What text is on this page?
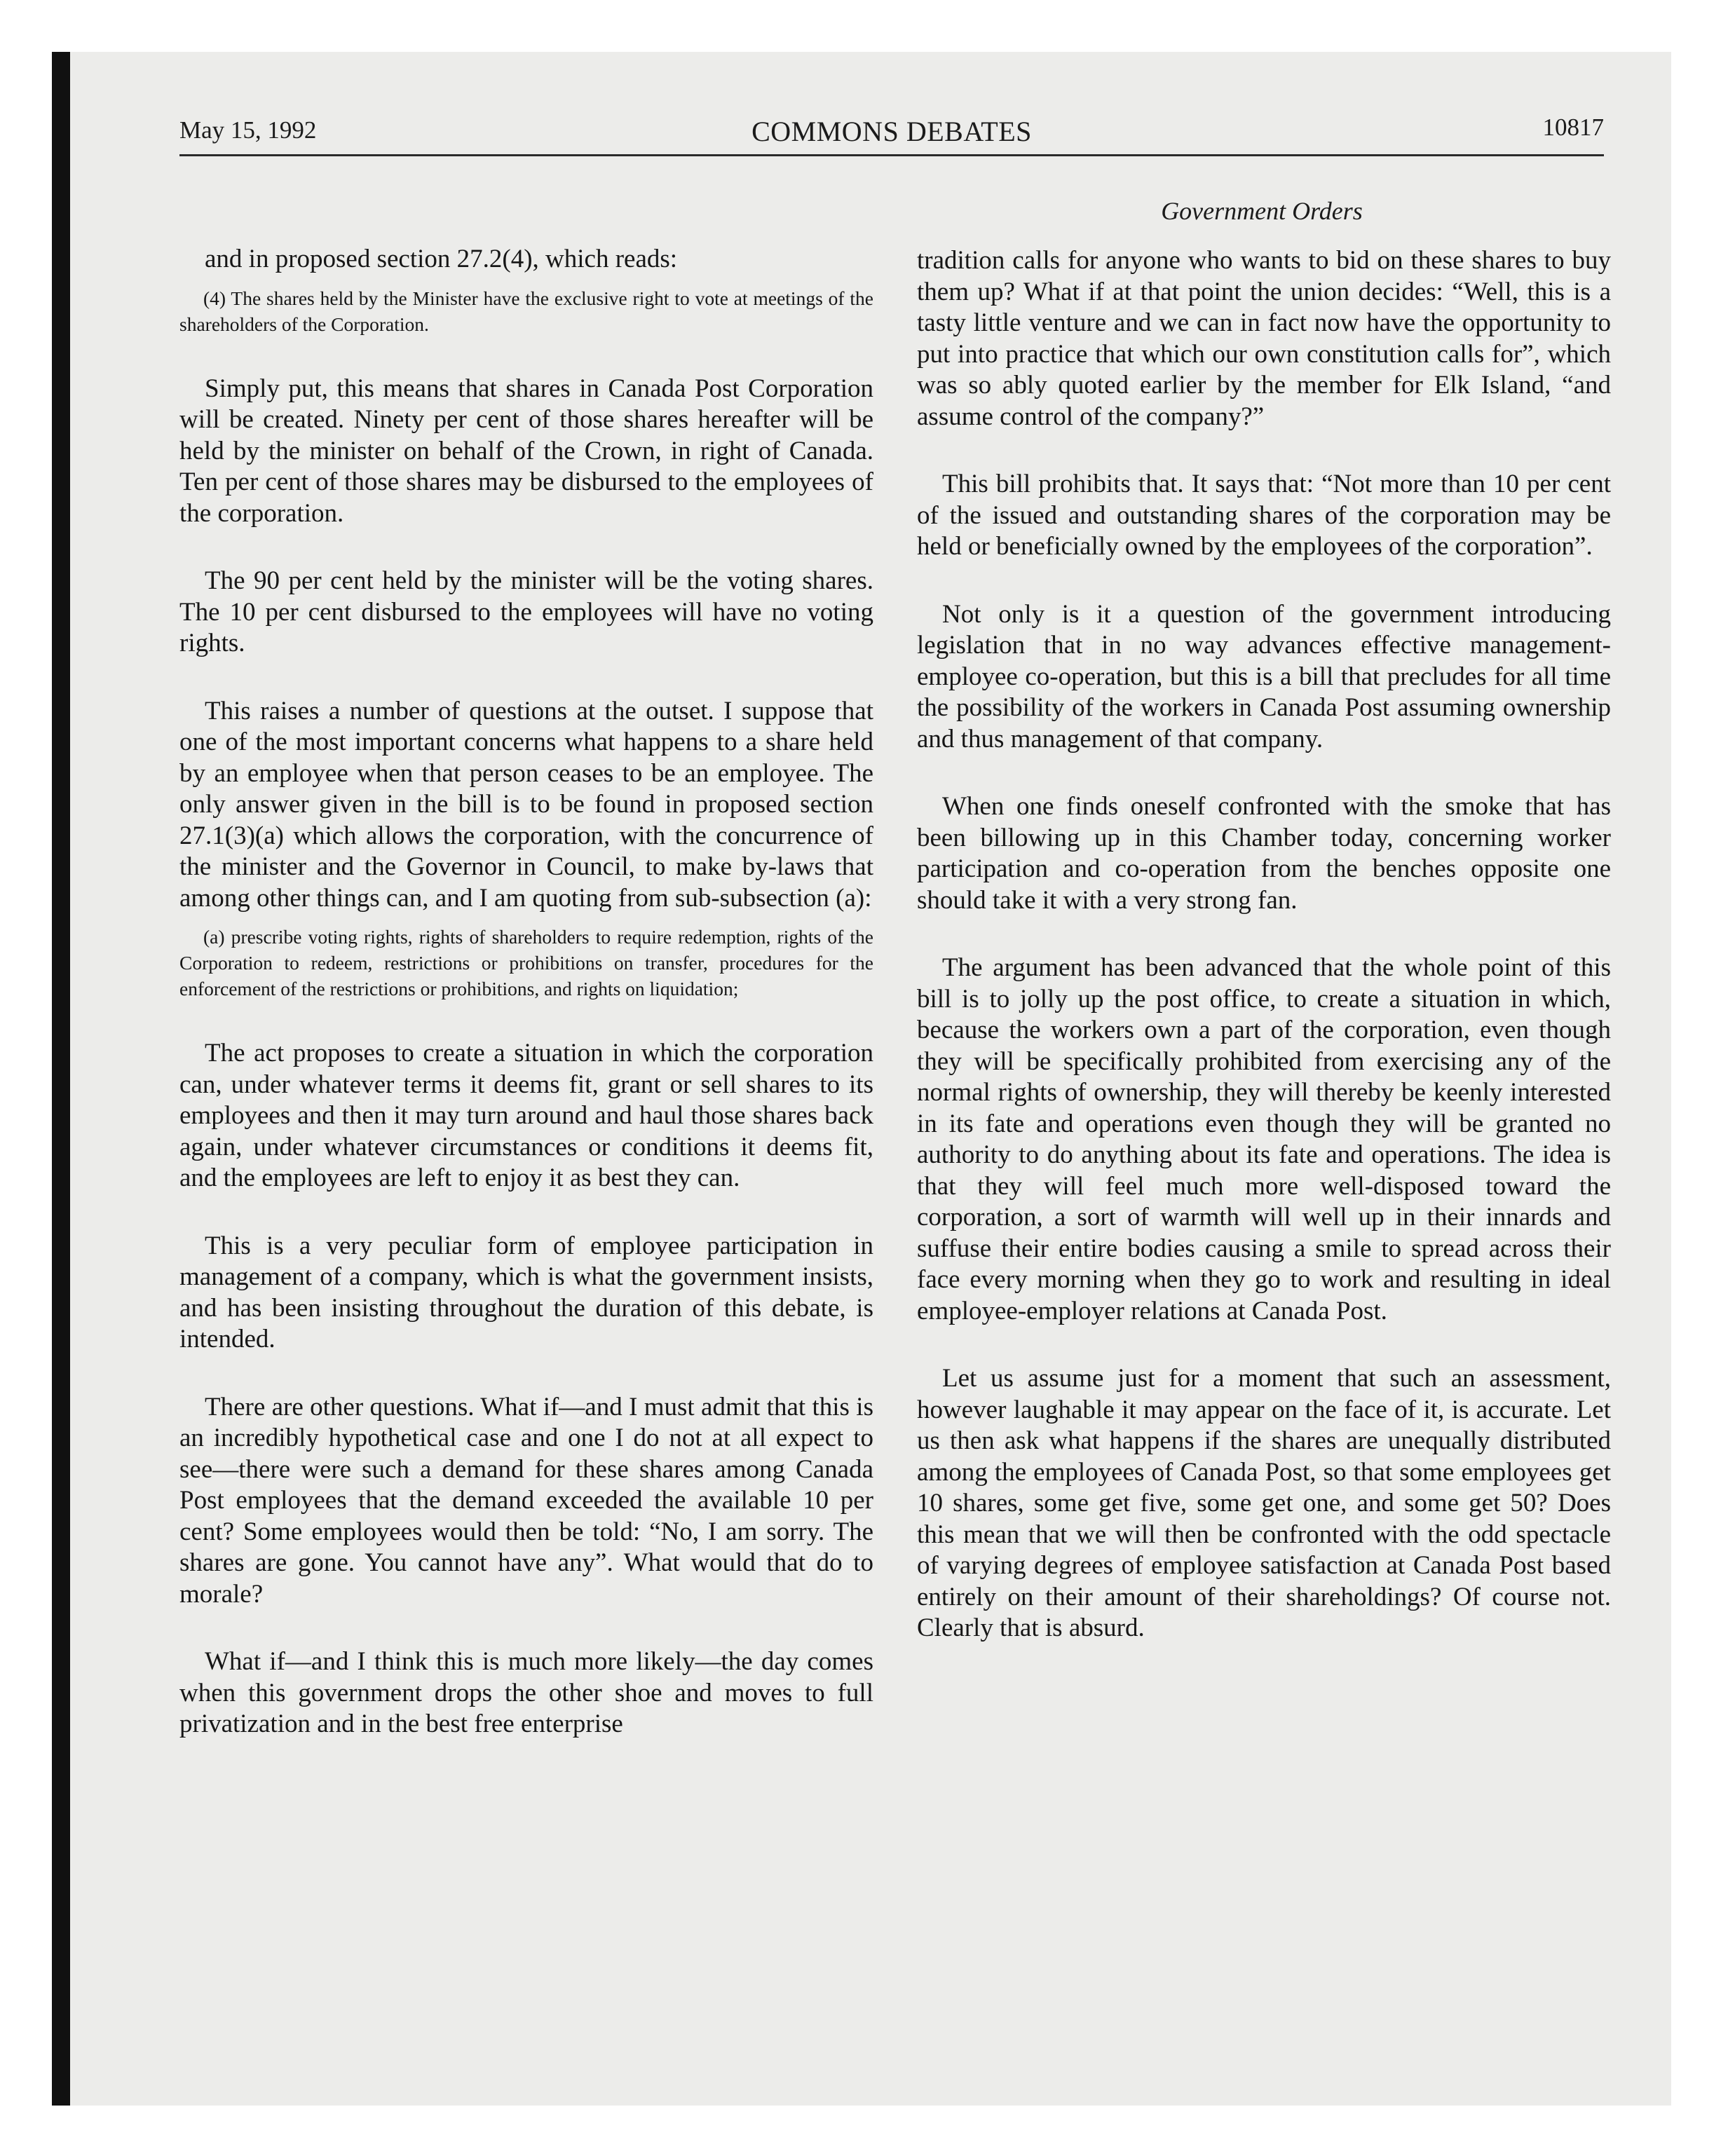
May 15, 1992	COMMONS DEBATES	10817
Government Orders

and in proposed section 27.2(4), which reads:

(4) The shares held by the Minister have the exclusive right to vote at meetings of the shareholders of the Corporation.

Simply put, this means that shares in Canada Post Corporation will be created. Ninety per cent of those shares hereafter will be held by the minister on behalf of the Crown, in right of Canada. Ten per cent of those shares may be disbursed to the employees of the corporation.

The 90 per cent held by the minister will be the voting shares. The 10 per cent disbursed to the employees will have no voting rights.

This raises a number of questions at the outset. I suppose that one of the most important concerns what happens to a share held by an employee when that person ceases to be an employee. The only answer given in the bill is to be found in proposed section 27.1(3)(a) which allows the corporation, with the concurrence of the minister and the Governor in Council, to make by-laws that among other things can, and I am quoting from sub-subsection (a):

(a) prescribe voting rights, rights of shareholders to require redemption, rights of the Corporation to redeem, restrictions or prohibitions on transfer, procedures for the enforcement of the restrictions or prohibitions, and rights on liquidation;

The act proposes to create a situation in which the corporation can, under whatever terms it deems fit, grant or sell shares to its employees and then it may turn around and haul those shares back again, under whatever circumstances or conditions it deems fit, and the employees are left to enjoy it as best they can.

This is a very peculiar form of employee participation in management of a company, which is what the government insists, and has been insisting throughout the duration of this debate, is intended.

There are other questions. What if—and I must admit that this is an incredibly hypothetical case and one I do not at all expect to see—there were such a demand for these shares among Canada Post employees that the demand exceeded the available 10 per cent? Some employees would then be told: “No, I am sorry. The shares are gone. You cannot have any”. What would that do to morale?

What if—and I think this is much more likely—the day comes when this government drops the other shoe and moves to full privatization and in the best free enterprise

tradition calls for anyone who wants to bid on these shares to buy them up? What if at that point the union decides: “Well, this is a tasty little venture and we can in fact now have the opportunity to put into practice that which our own constitution calls for”, which was so ably quoted earlier by the member for Elk Island, “and assume control of the company?”

This bill prohibits that. It says that: “Not more than 10 per cent of the issued and outstanding shares of the corporation may be held or beneficially owned by the employees of the corporation”.

Not only is it a question of the government introducing legislation that in no way advances effective management-employee co-operation, but this is a bill that precludes for all time the possibility of the workers in Canada Post assuming ownership and thus management of that company.

When one finds oneself confronted with the smoke that has been billowing up in this Chamber today, concerning worker participation and co-operation from the benches opposite one should take it with a very strong fan.

The argument has been advanced that the whole point of this bill is to jolly up the post office, to create a situation in which, because the workers own a part of the corporation, even though they will be specifically prohibited from exercising any of the normal rights of ownership, they will thereby be keenly interested in its fate and operations even though they will be granted no authority to do anything about its fate and operations. The idea is that they will feel much more well-disposed toward the corporation, a sort of warmth will well up in their innards and suffuse their entire bodies causing a smile to spread across their face every morning when they go to work and resulting in ideal employee-employer relations at Canada Post.

Let us assume just for a moment that such an assessment, however laughable it may appear on the face of it, is accurate. Let us then ask what happens if the shares are unequally distributed among the employees of Canada Post, so that some employees get 10 shares, some get five, some get one, and some get 50? Does this mean that we will then be confronted with the odd spectacle of varying degrees of employee satisfaction at Canada Post based entirely on their amount of their shareholdings? Of course not. Clearly that is absurd.
